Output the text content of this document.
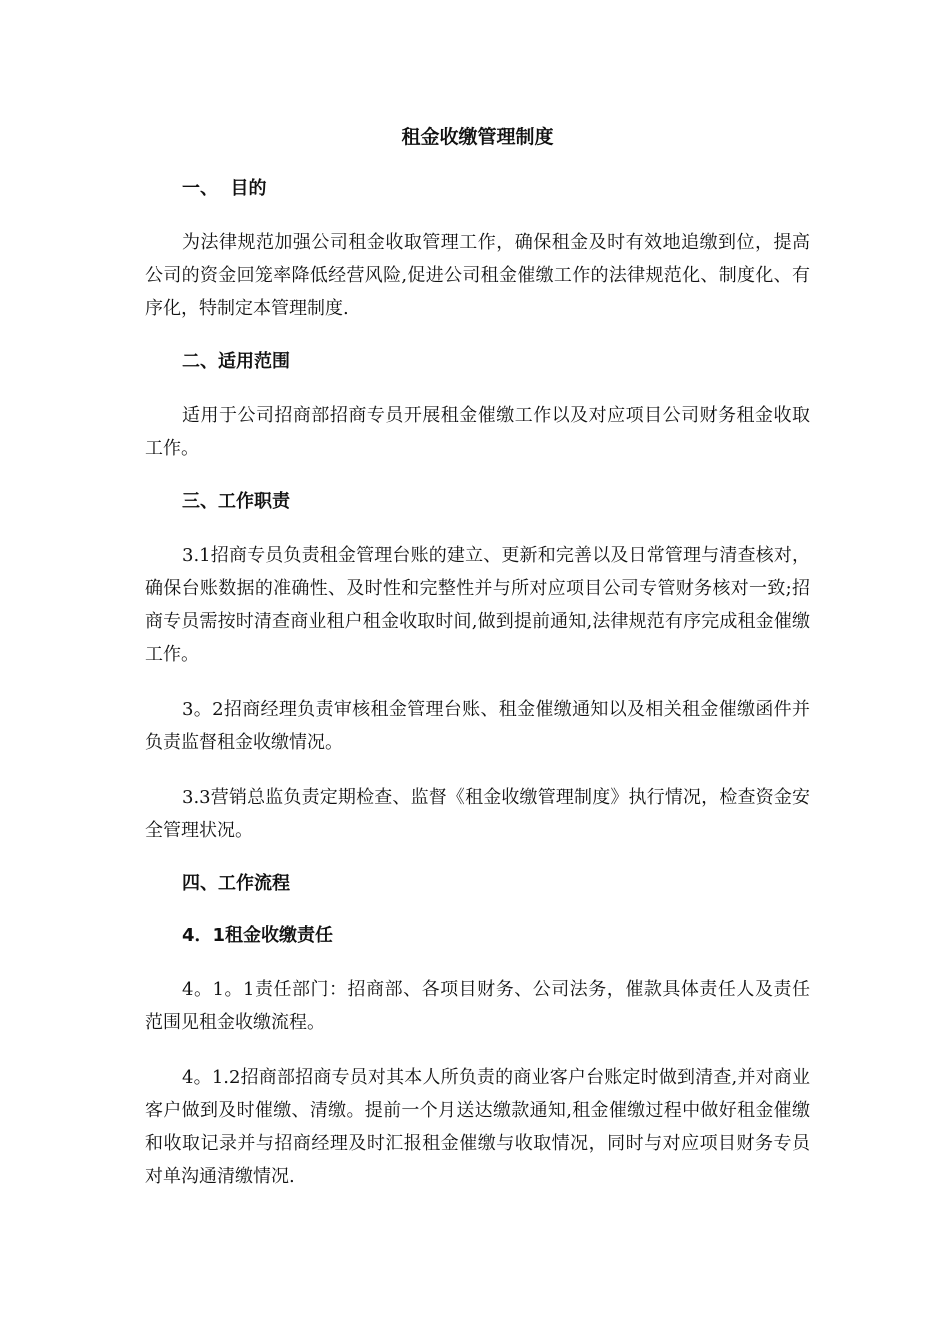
租金收缴管理制度
一、  目的

为法律规范加强公司租金收取管理工作，确保租金及时有效地追缴到位，提高公司的资金回笼率降低经营风险,促进公司租金催缴工作的法律规范化、制度化、有序化，特制定本管理制度.

二、适用范围

适用于公司招商部招商专员开展租金催缴工作以及对应项目公司财务租金收取工作。

三、工作职责

3.1招商专员负责租金管理台账的建立、更新和完善以及日常管理与清查核对，确保台账数据的准确性、及时性和完整性并与所对应项目公司专管财务核对一致;招商专员需按时清查商业租户租金收取时间,做到提前通知,法律规范有序完成租金催缴工作。

3。2招商经理负责审核租金管理台账、租金催缴通知以及相关租金催缴函件并负责监督租金收缴情况。

3.3营销总监负责定期检查、监督《租金收缴管理制度》执行情况，检查资金安全管理状况。

四、工作流程
4．1租金收缴责任

4。1。1责任部门：招商部、各项目财务、公司法务，催款具体责任人及责任范围见租金收缴流程。

4。1.2招商部招商专员对其本人所负责的商业客户台账定时做到清查,并对商业客户做到及时催缴、清缴。提前一个月送达缴款通知,租金催缴过程中做好租金催缴和收取记录并与招商经理及时汇报租金催缴与收取情况，同时与对应项目财务专员对单沟通清缴情况.
